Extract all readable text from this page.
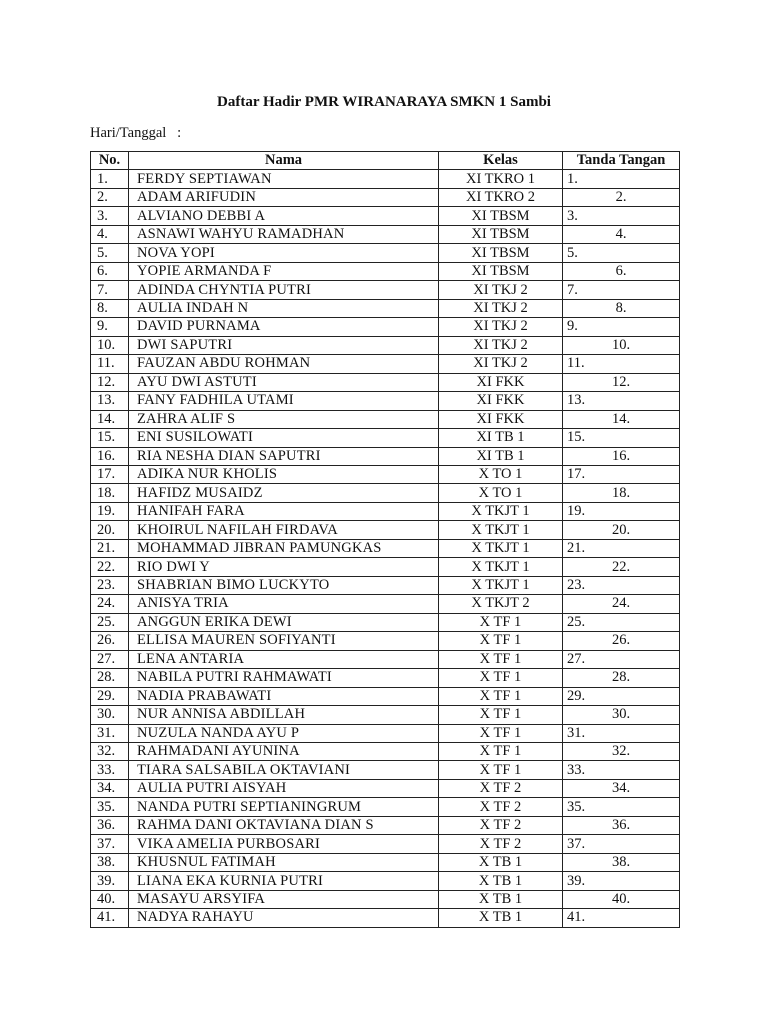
Daftar Hadir PMR WIRANARAYA SMKN 1 Sambi
Hari/Tanggal :
No.	Nama	Kelas	Tanda Tangan
1.	FERDY SEPTIAWAN	XI TKRO 1	1.
2.	ADAM ARIFUDIN	XI TKRO 2	2.
3.	ALVIANO DEBBI A	XI TBSM	3.
4.	ASNAWI WAHYU RAMADHAN	XI TBSM	4.
5.	NOVA YOPI	XI TBSM	5.
6.	YOPIE ARMANDA F	XI TBSM	6.
7.	ADINDA CHYNTIA PUTRI	XI TKJ 2	7.
8.	AULIA INDAH N	XI TKJ 2	8.
9.	DAVID PURNAMA	XI TKJ 2	9.
10.	DWI SAPUTRI	XI TKJ 2	10.
11.	FAUZAN ABDU ROHMAN	XI TKJ 2	11.
12.	AYU DWI ASTUTI	XI FKK	12.
13.	FANY FADHILA UTAMI	XI FKK	13.
14.	ZAHRA ALIF S	XI FKK	14.
15.	ENI SUSILOWATI	XI TB 1	15.
16.	RIA NESHA DIAN SAPUTRI	XI TB 1	16.
17.	ADIKA NUR KHOLIS	X TO 1	17.
18.	HAFIDZ MUSAIDZ	X TO 1	18.
19.	HANIFAH FARA	X TKJT 1	19.
20.	KHOIRUL NAFILAH FIRDAVA	X TKJT 1	20.
21.	MOHAMMAD JIBRAN PAMUNGKAS	X TKJT 1	21.
22.	RIO DWI Y	X TKJT 1	22.
23.	SHABRIAN BIMO LUCKYTO	X TKJT 1	23.
24.	ANISYA TRIA	X TKJT 2	24.
25.	ANGGUN ERIKA DEWI	X TF 1	25.
26.	ELLISA MAUREN SOFIYANTI	X TF 1	26.
27.	LENA ANTARIA	X TF 1	27.
28.	NABILA PUTRI RAHMAWATI	X TF 1	28.
29.	NADIA PRABAWATI	X TF 1	29.
30.	NUR ANNISA ABDILLAH	X TF 1	30.
31.	NUZULA NANDA AYU P	X TF 1	31.
32.	RAHMADANI AYUNINA	X TF 1	32.
33.	TIARA SALSABILA OKTAVIANI	X TF 1	33.
34.	AULIA PUTRI AISYAH	X TF 2	34.
35.	NANDA PUTRI SEPTIANINGRUM	X TF 2	35.
36.	RAHMA DANI OKTAVIANA DIAN S	X TF 2	36.
37.	VIKA AMELIA PURBOSARI	X TF 2	37.
38.	KHUSNUL FATIMAH	X TB 1	38.
39.	LIANA EKA KURNIA PUTRI	X TB 1	39.
40.	MASAYU ARSYIFA	X TB 1	40.
41.	NADYA RAHAYU	X TB 1	41.
